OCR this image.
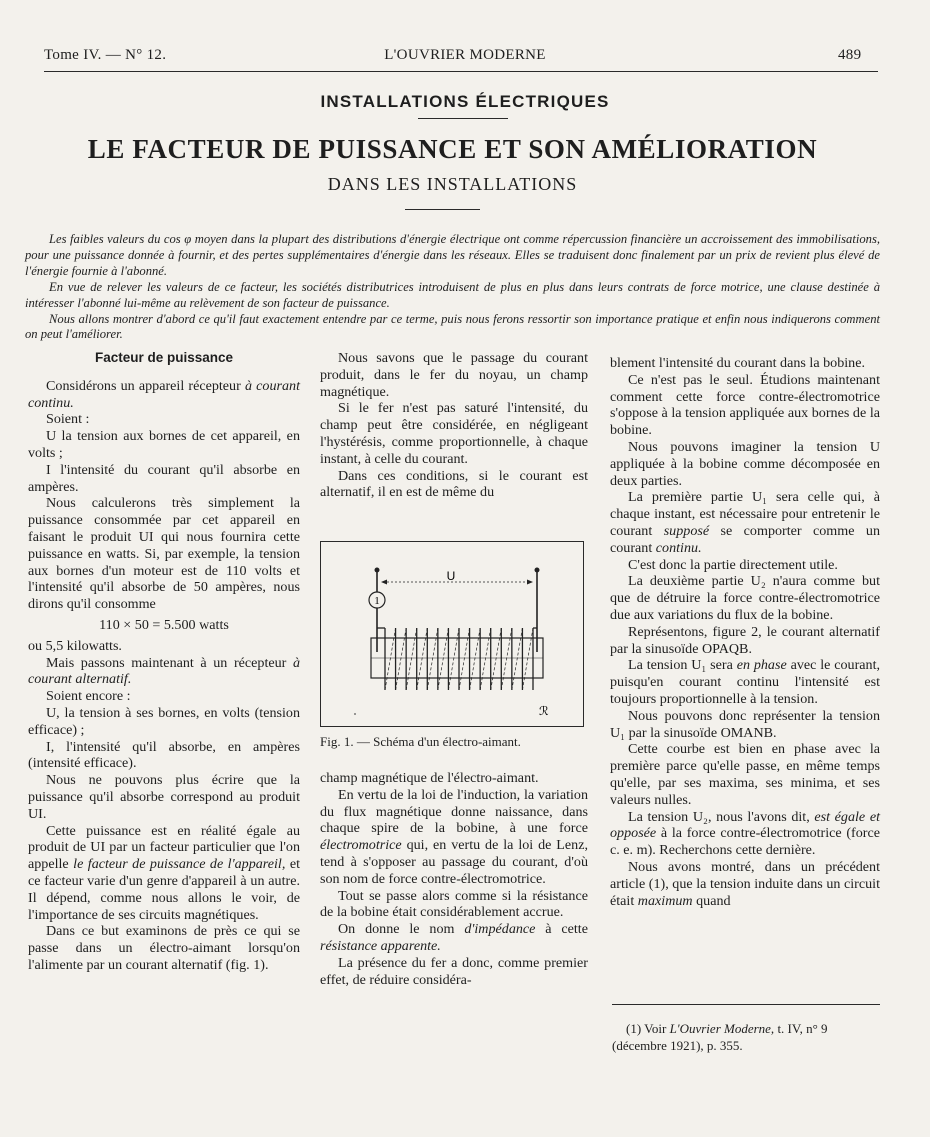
Tome IV. — N° 12.	L'OUVRIER MODERNE	489
INSTALLATIONS ÉLECTRIQUES
LE FACTEUR DE PUISSANCE ET SON AMÉLIORATION
DANS LES INSTALLATIONS

Les faibles valeurs du cos φ moyen dans la plupart des distributions d'énergie électrique ont comme répercussion financière un accroissement des immobilisations, pour une puissance donnée à fournir, et des pertes supplémentaires d'énergie dans les réseaux. Elles se traduisent donc finalement par un prix de revient plus élevé de l'énergie fournie à l'abonné.

En vue de relever les valeurs de ce facteur, les sociétés distributrices introduisent de plus en plus dans leurs contrats de force motrice, une clause destinée à intéresser l'abonné lui-même au relèvement de son facteur de puissance.

Nous allons montrer d'abord ce qu'il faut exactement entendre par ce terme, puis nous ferons ressortir son importance pratique et enfin nous indiquerons comment on peut l'améliorer.

Facteur de puissance

Considérons un appareil récepteur à courant continu.

Soient :

U la tension aux bornes de cet appareil, en volts ;

I l'intensité du courant qu'il absorbe en ampères.

Nous calculerons très simplement la puissance consommée par cet appareil en faisant le produit UI qui nous fournira cette puissance en watts. Si, par exemple, la tension aux bornes d'un moteur est de 110 volts et l'intensité qu'il absorbe de 50 ampères, nous dirons qu'il consomme

110 × 50 = 5.500 watts

ou 5,5 kilowatts.

Mais passons maintenant à un récepteur à courant alternatif.

Soient encore :

U, la tension à ses bornes, en volts (tension efficace) ;

I, l'intensité qu'il absorbe, en ampères (intensité efficace).

Nous ne pouvons plus écrire que la puissance qu'il absorbe correspond au produit UI.

Cette puissance est en réalité égale au produit de UI par un facteur particulier que l'on appelle le facteur de puissance de l'appareil, et ce facteur varie d'un genre d'appareil à un autre. Il dépend, comme nous allons le voir, de l'importance de ses circuits magnétiques.

Dans ce but examinons de près ce qui se passe dans un électro-aimant lorsqu'on l'alimente par un courant alternatif (fig. 1).

Nous savons que le passage du courant produit, dans le fer du noyau, un champ magnétique.

Si le fer n'est pas saturé l'intensité, du champ peut être considérée, en négligeant l'hystérésis, comme proportionnelle, à chaque instant, à celle du courant.

Dans ces conditions, si le courant est alternatif, il en est de même du

U
1
ℛ
Fig. 1. — Schéma d'un électro-aimant.

champ magnétique de l'électro-aimant.

En vertu de la loi de l'induction, la variation du flux magnétique donne naissance, dans chaque spire de la bobine, à une force électromotrice qui, en vertu de la loi de Lenz, tend à s'opposer au passage du courant, d'où son nom de force contre-électromotrice.

Tout se passe alors comme si la résistance de la bobine était considérablement accrue.

On donne le nom d'impédance à cette résistance apparente.

La présence du fer a donc, comme premier effet, de réduire considéra-

blement l'intensité du courant dans la bobine.

Ce n'est pas le seul. Étudions maintenant comment cette force contre-électromotrice s'oppose à la tension appliquée aux bornes de la bobine.

Nous pouvons imaginer la tension U appliquée à la bobine comme décomposée en deux parties.

La première partie U₁ sera celle qui, à chaque instant, est nécessaire pour entretenir le courant supposé se comporter comme un courant continu.

C'est donc la partie directement utile.

La deuxième partie U₂ n'aura comme but que de détruire la force contre-électromotrice due aux variations du flux de la bobine.

Représentons, figure 2, le courant alternatif par la sinusoïde OPAQB.

La tension U₁ sera en phase avec le courant, puisqu'en courant continu l'intensité est toujours proportionnelle à la tension.

Nous pouvons donc représenter la tension U₁ par la sinusoïde OMANB.

Cette courbe est bien en phase avec la première parce qu'elle passe, en même temps qu'elle, par ses maxima, ses minima, et ses valeurs nulles.

La tension U₂, nous l'avons dit, est égale et opposée à la force contre-électromotrice (force c. e. m). Recherchons cette dernière.

Nous avons montré, dans un précédent article (1), que la tension induite dans un circuit était maximum quand

(1) Voir L'Ouvrier Moderne, t. IV, n° 9 (décembre 1921), p. 355.
